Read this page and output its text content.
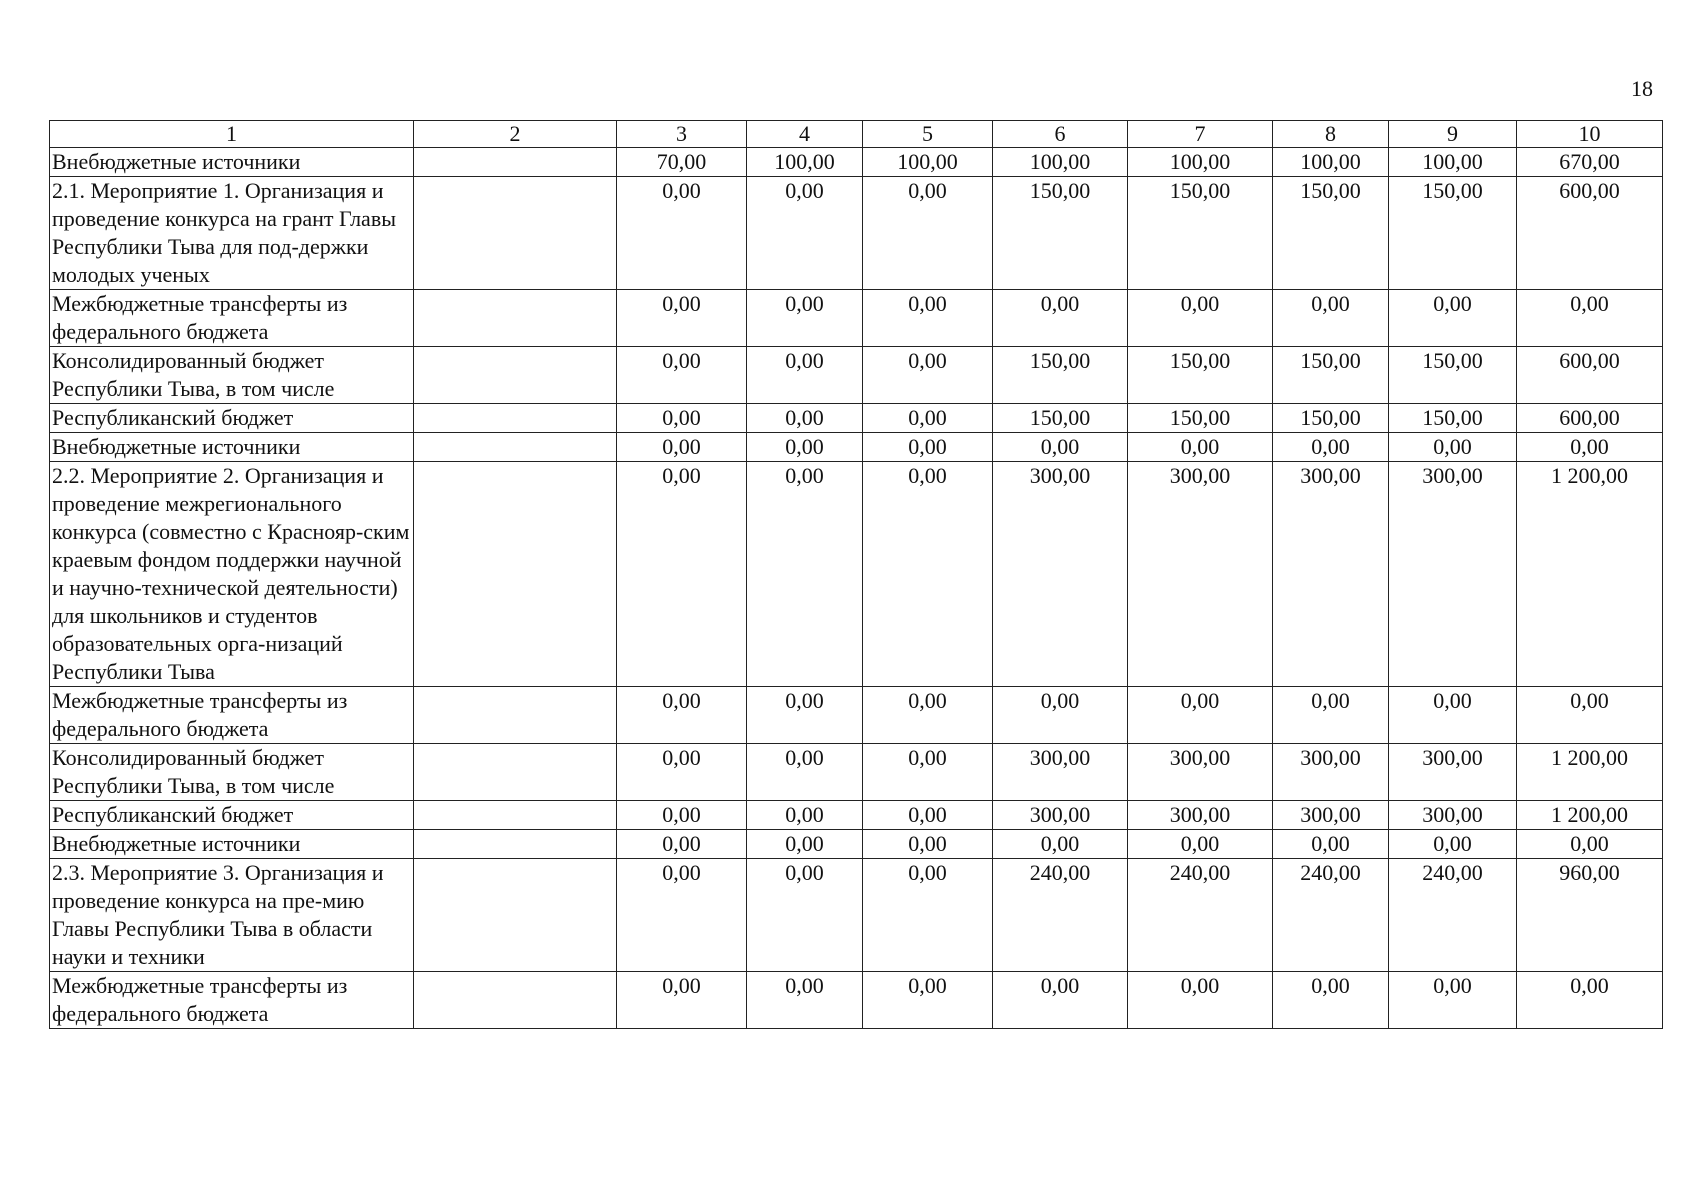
18
1	2	3	4	5	6	7	8	9	10
Внебюджетные источники		70,00	100,00	100,00	100,00	100,00	100,00	100,00	670,00
2.1. Мероприятие 1. Организация и проведение конкурса на грант Главы Республики Тыва для под-держки молодых ученых		0,00	0,00	0,00	150,00	150,00	150,00	150,00	600,00
Межбюджетные трансферты из федерального бюджета		0,00	0,00	0,00	0,00	0,00	0,00	0,00	0,00
Консолидированный бюджет Республики Тыва, в том числе		0,00	0,00	0,00	150,00	150,00	150,00	150,00	600,00
Республиканский бюджет		0,00	0,00	0,00	150,00	150,00	150,00	150,00	600,00
Внебюджетные источники		0,00	0,00	0,00	0,00	0,00	0,00	0,00	0,00
2.2. Мероприятие 2. Организация и проведение межрегионального конкурса (совместно с Краснояр-ским краевым фондом поддержки научной и научно-технической деятельности) для школьников и студентов образовательных орга-низаций Республики Тыва		0,00	0,00	0,00	300,00	300,00	300,00	300,00	1 200,00
Межбюджетные трансферты из федерального бюджета		0,00	0,00	0,00	0,00	0,00	0,00	0,00	0,00
Консолидированный бюджет Республики Тыва, в том числе		0,00	0,00	0,00	300,00	300,00	300,00	300,00	1 200,00
Республиканский бюджет		0,00	0,00	0,00	300,00	300,00	300,00	300,00	1 200,00
Внебюджетные источники		0,00	0,00	0,00	0,00	0,00	0,00	0,00	0,00
2.3. Мероприятие 3. Организация и проведение конкурса на пре-мию Главы Республики Тыва в области науки и техники		0,00	0,00	0,00	240,00	240,00	240,00	240,00	960,00
Межбюджетные трансферты из федерального бюджета		0,00	0,00	0,00	0,00	0,00	0,00	0,00	0,00
